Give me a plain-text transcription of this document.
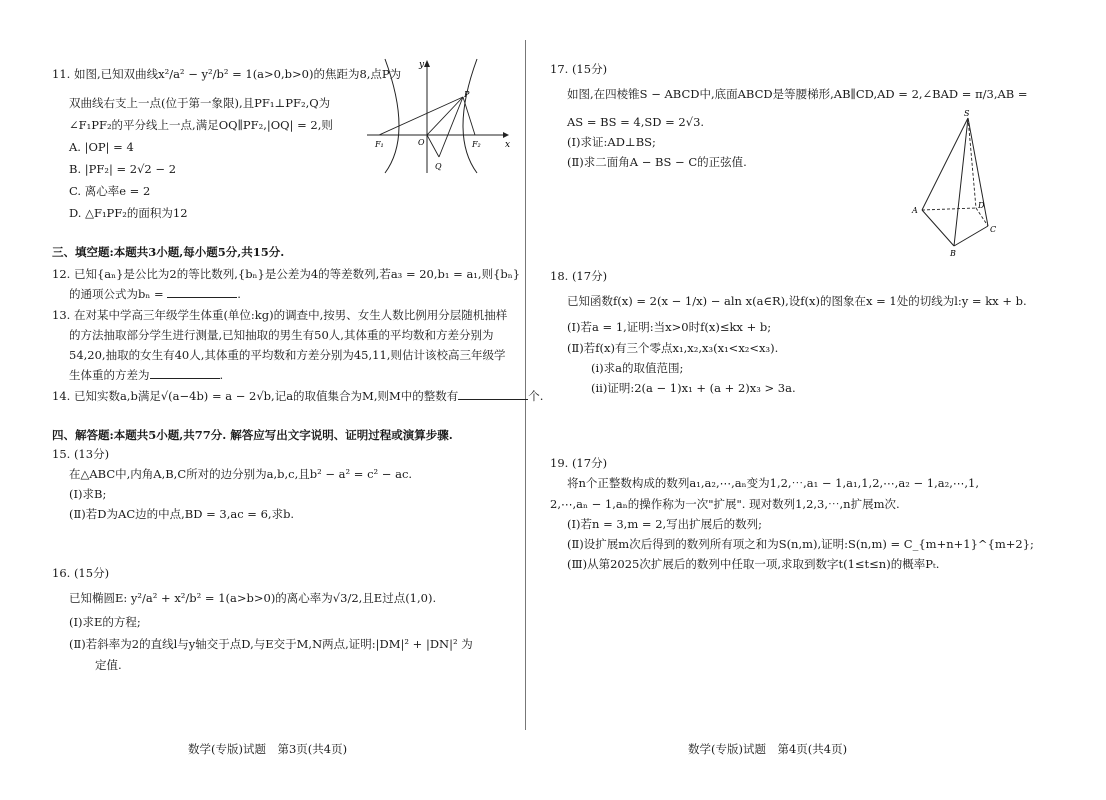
11. 如图,已知双曲线x²/a² − y²/b² = 1(a>0,b>0)的焦距为8,点P为
双曲线右支上一点(位于第一象限),且PF₁⊥PF₂,Q为
∠F₁PF₂的平分线上一点,满足OQ∥PF₂,|OQ| = 2,则
A. |OP| = 4
B. |PF₂| = 2√2 − 2
C. 离心率e = 2
D. △F₁PF₂的面积为12
y
x
O
P
Q
F₁	F₂
三、填空题:本题共3小题,每小题5分,共15分.
12. 已知{aₙ}是公比为2的等比数列,{bₙ}是公差为4的等差数列,若a₃ = 20,b₁ = a₁,则{bₙ}
的通项公式为bₙ =	.
13. 在对某中学高三年级学生体重(单位:kg)的调查中,按男、女生人数比例用分层随机抽样
的方法抽取部分学生进行测量,已知抽取的男生有50人,其体重的平均数和方差分别为
54,20,抽取的女生有40人,其体重的平均数和方差分别为45,11,则估计该校高三年级学
生体重的方差为	.
14. 已知实数a,b满足√(a−4b) = a − 2√b,记a的取值集合为M,则M中的整数有	个.
四、解答题:本题共5小题,共77分. 解答应写出文字说明、证明过程或演算步骤.
15. (13分)
在△ABC中,内角A,B,C所对的边分别为a,b,c,且b² − a² = c² − ac.
(Ⅰ)求B;
(Ⅱ)若D为AC边的中点,BD = 3,ac = 6,求b.
16. (15分)
已知椭圆E: y²/a² + x²/b² = 1(a>b>0)的离心率为√3/2,且E过点(1,0).
(Ⅰ)求E的方程;
(Ⅱ)若斜率为2的直线l与y轴交于点D,与E交于M,N两点,证明:|DM|² + |DN|² 为
定值.
数学(专版)试题　第3页(共4页)
17. (15分)
如图,在四棱锥S − ABCD中,底面ABCD是等腰梯形,AB∥CD,AD = 2,∠BAD = π/3,AB =
AS = BS = 4,SD = 2√3.
(Ⅰ)求证:AD⊥BS;
(Ⅱ)求二面角A − BS − C的正弦值.
S
A
B
C
D
18. (17分)
已知函数f(x) = 2(x − 1/x) − aln x(a∈R),设f(x)的图象在x = 1处的切线为l:y = kx + b.
(Ⅰ)若a = 1,证明:当x>0时f(x)≤kx + b;
(Ⅱ)若f(x)有三个零点x₁,x₂,x₃(x₁<x₂<x₃).
(ⅰ)求a的取值范围;
(ⅱ)证明:2(a − 1)x₁ + (a + 2)x₃ > 3a.
19. (17分)
将n个正整数构成的数列a₁,a₂,⋯,aₙ变为1,2,⋯,a₁ − 1,a₁,1,2,⋯,a₂ − 1,a₂,⋯,1,
2,⋯,aₙ − 1,aₙ的操作称为一次"扩展". 现对数列1,2,3,⋯,n扩展m次.
(Ⅰ)若n = 3,m = 2,写出扩展后的数列;
(Ⅱ)设扩展m次后得到的数列所有项之和为S(n,m),证明:S(n,m) = C_{m+n+1}^{m+2};
(Ⅲ)从第2025次扩展后的数列中任取一项,求取到数字t(1≤t≤n)的概率Pₜ.
数学(专版)试题　第4页(共4页)
